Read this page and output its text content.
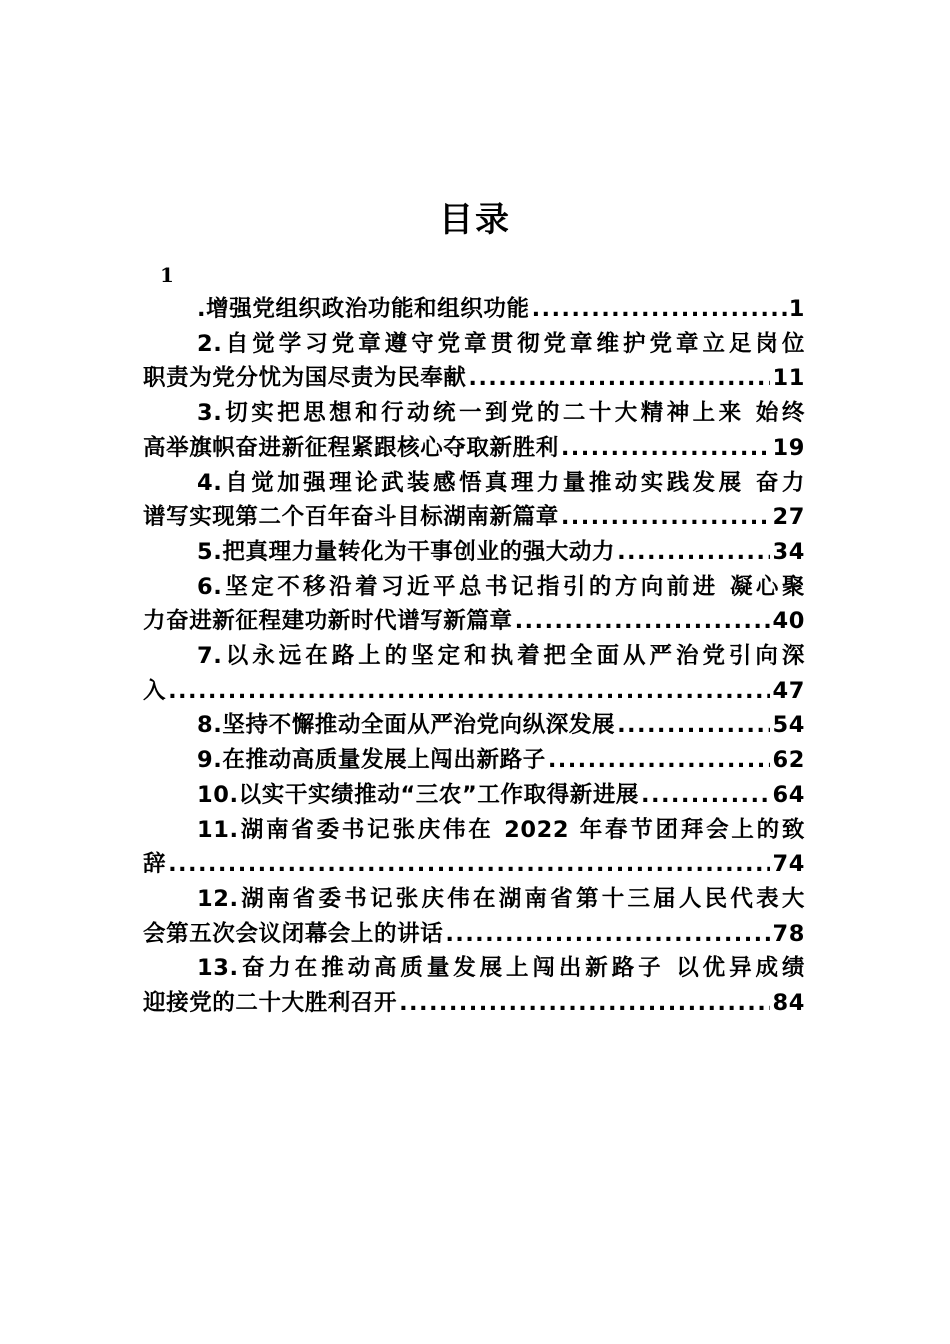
目录
1
.增强党组织政治功能和组织功能 .....	1
2.自觉学习党章遵守党章贯彻党章维护党章立足岗位
职责为党分忧为国尽责为民奉献 .....	11
3.切实把思想和行动统一到党的二十大精神上来 始终
高举旗帜奋进新征程紧跟核心夺取新胜利 .....	19
4.自觉加强理论武装感悟真理力量推动实践发展 奋力
谱写实现第二个百年奋斗目标湖南新篇章 .....	27
5.把真理力量转化为干事创业的强大动力 .....	34
6.坚定不移沿着习近平总书记指引的方向前进 凝心聚
力奋进新征程建功新时代谱写新篇章 .....	40
7.以永远在路上的坚定和执着把全面从严治党引向深
入 .....	47
8.坚持不懈推动全面从严治党向纵深发展 .....	54
9.在推动高质量发展上闯出新路子 .....	62
10.以实干实绩推动“三农”工作取得新进展 .....	64
11.湖南省委书记张庆伟在 2022 年春节团拜会上的致
辞 .....	74
12.湖南省委书记张庆伟在湖南省第十三届人民代表大
会第五次会议闭幕会上的讲话 .....	78
13.奋力在推动高质量发展上闯出新路子 以优异成绩
迎接党的二十大胜利召开 .....	84
